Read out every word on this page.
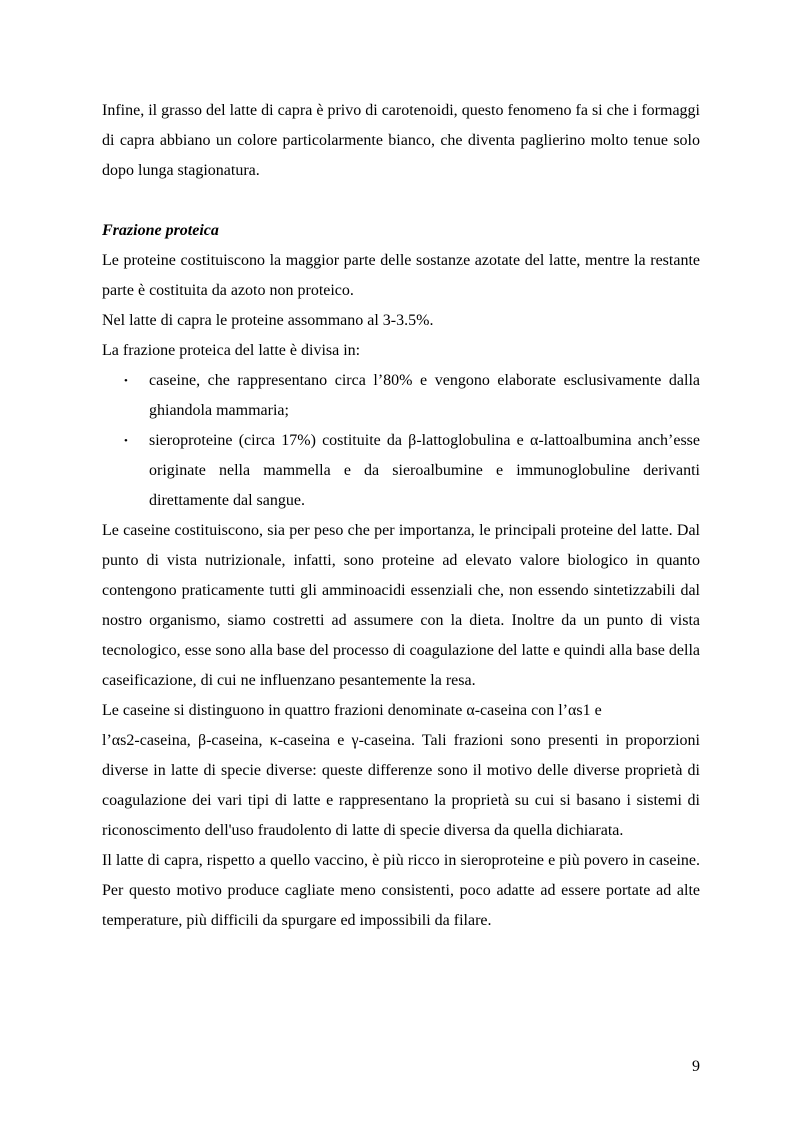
Infine, il grasso del latte di capra è privo di carotenoidi, questo fenomeno fa si che i formaggi di capra abbiano un colore particolarmente bianco, che diventa paglierino molto tenue solo dopo lunga stagionatura.

Frazione proteica

Le proteine costituiscono la maggior parte delle sostanze azotate del latte, mentre la restante parte è costituita da azoto non proteico.

Nel latte di capra le proteine assommano al 3-3.5%.

La frazione proteica del latte è divisa in:

• caseine, che rappresentano circa l’80% e vengono elaborate esclusivamente dalla ghiandola mammaria;
• sieroproteine (circa 17%) costituite da β-lattoglobulina e α-lattoalbumina anch’esse originate nella mammella e da sieroalbumine e immunoglobuline derivanti direttamente dal sangue.

Le caseine costituiscono, sia per peso che per importanza, le principali proteine del latte. Dal punto di vista nutrizionale, infatti, sono proteine ad elevato valore biologico in quanto contengono praticamente tutti gli amminoacidi essenziali che, non essendo sintetizzabili dal nostro organismo, siamo costretti ad assumere con la dieta. Inoltre da un punto di vista tecnologico, esse sono alla base del processo di coagulazione del latte e quindi alla base della caseificazione, di cui ne influenzano pesantemente la resa.

Le caseine si distinguono in quattro frazioni denominate α-caseina con l’αs1 e

l’αs2-caseina, β-caseina, κ-caseina e γ-caseina. Tali frazioni sono presenti in proporzioni diverse in latte di specie diverse: queste differenze sono il motivo delle diverse proprietà di coagulazione dei vari tipi di latte e rappresentano la proprietà su cui si basano i sistemi di riconoscimento dell'uso fraudolento di latte di specie diversa da quella dichiarata.

Il latte di capra, rispetto a quello vaccino, è più ricco in sieroproteine e più povero in caseine. Per questo motivo produce cagliate meno consistenti, poco adatte ad essere portate ad alte temperature, più difficili da spurgare ed impossibili da filare.

9
